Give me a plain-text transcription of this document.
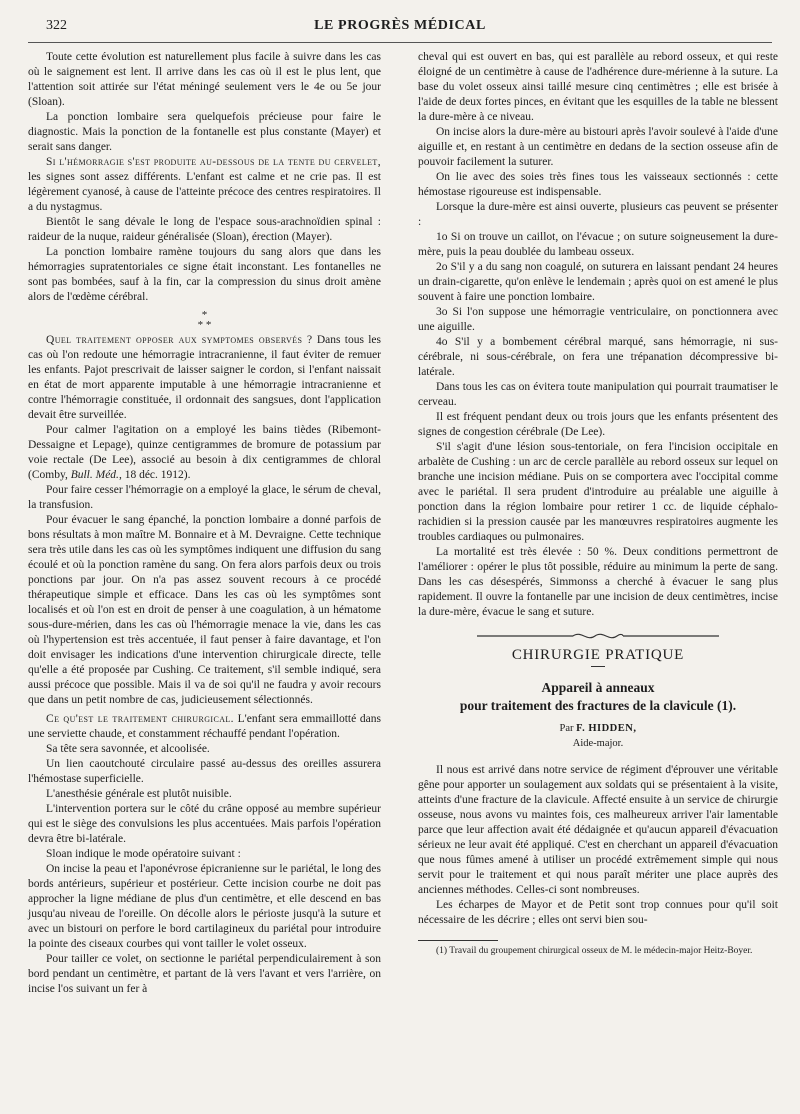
322	LE PROGRÈS MÉDICAL

Toute cette évolution est naturellement plus facile à suivre dans les cas où le saignement est lent. Il arrive dans les cas où il est le plus lent, que l'attention soit attirée sur l'état méningé seulement vers le 4e ou 5e jour (Sloan).

La ponction lombaire sera quelquefois précieuse pour faire le diagnostic. Mais la ponction de la fontanelle est plus constante (Mayer) et serait sans danger.

Si l'hémorragie s'est produite au-dessous de la tente du cervelet, les signes sont assez différents. L'enfant est calme et ne crie pas. Il est légèrement cyanosé, à cause de l'atteinte précoce des centres respiratoires. Il a du nystagmus.

Bientôt le sang dévale le long de l'espace sous-arachnoïdien spinal : raideur de la nuque, raideur généralisée (Sloan), érection (Mayer).

La ponction lombaire ramène toujours du sang alors que dans les hémorragies supratentoriales ce signe était inconstant. Les fontanelles ne sont pas bombées, sauf à la fin, car la compression du sinus droit amène alors de l'œdème cérébral.

*
* *

Quel traitement opposer aux symptomes observés ? Dans tous les cas où l'on redoute une hémorragie intracranienne, il faut éviter de remuer les enfants. Pajot prescrivait de laisser saigner le cordon, si l'enfant naissait en état de mort apparente imputable à une hémorragie intracranienne et contre l'hémorragie constituée, il ordonnait des sangsues, dont l'application devait être surveillée.

Pour calmer l'agitation on a employé les bains tièdes (Ribemont-Dessaigne et Lepage), quinze centigrammes de bromure de potassium par voie rectale (De Lee), associé au besoin à dix centigrammes de chloral (Comby, Bull. Méd., 18 déc. 1912).

Pour faire cesser l'hémorragie on a employé la glace, le sérum de cheval, la transfusion.

Pour évacuer le sang épanché, la ponction lombaire a donné parfois de bons résultats à mon maître M. Bonnaire et à M. Devraigne. Cette technique sera très utile dans les cas où les symptômes indiquent une diffusion du sang écoulé et où la ponction ramène du sang. On fera alors parfois deux ou trois ponctions par jour. On n'a pas assez souvent recours à ce procédé thérapeutique simple et efficace. Dans les cas où les symptômes sont localisés et où l'on est en droit de penser à une coagulation, à un hématome sous-dure-mérien, dans les cas où l'hémorragie menace la vie, dans les cas où l'hypertension est très accentuée, il faut penser à faire davantage, et l'on doit envisager les indications d'une intervention chirurgicale directe, telle qu'elle a été proposée par Cushing. Ce traitement, s'il semble indiqué, sera aussi précoce que possible. Mais il va de soi qu'il ne faudra y avoir recours que dans un petit nombre de cas, judicieusement sélectionnés.

Ce qu'est le traitement chirurgical. L'enfant sera emmaillotté dans une serviette chaude, et constamment réchauffé pendant l'opération.

Sa tête sera savonnée, et alcoolisée.

Un lien caoutchouté circulaire passé au-dessus des oreilles assurera l'hémostase superficielle.

L'anesthésie générale est plutôt nuisible.

L'intervention portera sur le côté du crâne opposé au membre supérieur qui est le siège des convulsions les plus accentuées. Mais parfois l'opération devra être bi-latérale.

Sloan indique le mode opératoire suivant :

On incise la peau et l'aponévrose épicranienne sur le pariétal, le long des bords antérieurs, supérieur et postérieur. Cette incision courbe ne doit pas approcher la ligne médiane de plus d'un centimètre, et elle descend en bas jusqu'au niveau de l'oreille. On décolle alors le périoste jusqu'à la suture et avec un bistouri on perfore le bord cartilagineux du pariétal pour introduire la pointe des ciseaux courbes qui vont tailler le volet osseux.

Pour tailler ce volet, on sectionne le pariétal perpendiculairement à son bord pendant un centimètre, et partant de là vers l'avant et vers l'arrière, on incise l'os suivant un fer à

cheval qui est ouvert en bas, qui est parallèle au rebord osseux, et qui reste éloigné de un centimètre à cause de l'adhérence dure-mérienne à la suture. La base du volet osseux ainsi taillé mesure cinq centimètres ; elle est brisée à l'aide de deux fortes pinces, en évitant que les esquilles de la table ne blessent la dure-mère à ce niveau.

On incise alors la dure-mère au bistouri après l'avoir soulevé à l'aide d'une aiguille et, en restant à un centimètre en dedans de la section osseuse afin de pouvoir facilement la suturer.

On lie avec des soies très fines tous les vaisseaux sectionnés : cette hémostase rigoureuse est indispensable.

Lorsque la dure-mère est ainsi ouverte, plusieurs cas peuvent se présenter :

1o Si on trouve un caillot, on l'évacue ; on suture soigneusement la dure-mère, puis la peau doublée du lambeau osseux.

2o S'il y a du sang non coagulé, on suturera en laissant pendant 24 heures un drain-cigarette, qu'on enlève le lendemain ; après quoi on est amené le plus souvent à faire une ponction lombaire.

3o Si l'on suppose une hémorragie ventriculaire, on ponctionnera avec une aiguille.

4o S'il y a bombement cérébral marqué, sans hémorragie, ni sus-cérébrale, ni sous-cérébrale, on fera une trépanation décompressive bi-latérale.

Dans tous les cas on évitera toute manipulation qui pourrait traumatiser le cerveau.

Il est fréquent pendant deux ou trois jours que les enfants présentent des signes de congestion cérébrale (De Lee).

S'il s'agit d'une lésion sous-tentoriale, on fera l'incision occipitale en arbalète de Cushing : un arc de cercle parallèle au rebord osseux sur lequel on branche une incision médiane. Puis on se comportera avec l'occipital comme avec le pariétal. Il sera prudent d'introduire au préalable une aiguille à ponction dans la région lombaire pour retirer 1 cc. de liquide céphalo-rachidien si la pression causée par les manœuvres respiratoires augmente les troubles cardiaques ou pulmonaires.

La mortalité est très élevée : 50 %. Deux conditions permettront de l'améliorer : opérer le plus tôt possible, réduire au minimum la perte de sang. Dans les cas désespérés, Simmonss a cherché à évacuer le sang plus rapidement. Il ouvre la fontanelle par une incision de deux centimètres, incise la dure-mère, évacue le sang et suture.

CHIRURGIE PRATIQUE

Appareil à anneaux
pour traitement des fractures de la clavicule (1).
Par F. HIDDEN,
Aide-major.

Il nous est arrivé dans notre service de régiment d'éprouver une véritable gêne pour apporter un soulagement aux soldats qui se présentaient à la visite, atteints d'une fracture de la clavicule. Affecté ensuite à un service de chirurgie osseuse, nous avons vu maintes fois, ces malheureux arriver l'air lamentable parce que leur affection avait été dédaignée et qu'aucun appareil d'évacuation sérieux ne leur avait été appliqué. C'est en cherchant un appareil d'évacuation que nous fûmes amené à utiliser un procédé extrêmement simple qui nous servit pour le traitement et qui nous paraît mériter une place auprès des anciennes méthodes. Celles-ci sont nombreuses.

Les écharpes de Mayor et de Petit sont trop connues pour qu'il soit nécessaire de les décrire ; elles ont servi bien sou-

(1) Travail du groupement chirurgical osseux de M. le médecin-major Heitz-Boyer.
